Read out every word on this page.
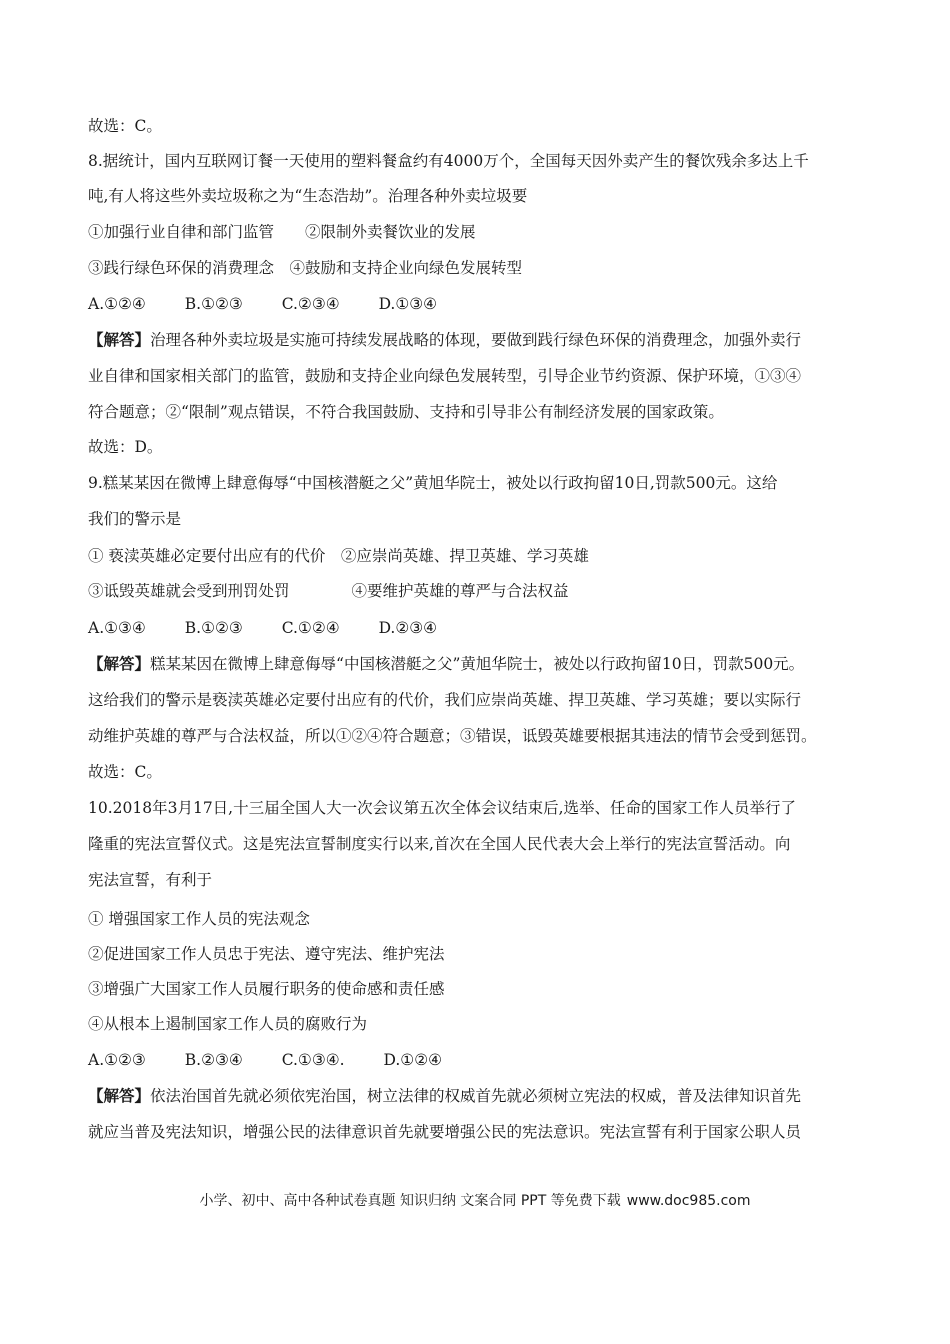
故选：C。
8.据统计，国内互联网订餐一天使用的塑料餐盒约有4000万个，全国每天因外卖产生的餐饮残余多达上千
吨,有人将这些外卖垃圾称之为“生态浩劫”。治理各种外卖垃圾要
①加强行业自律和部门监管　　②限制外卖餐饮业的发展
③践行绿色环保的消费理念　④鼓励和支持企业向绿色发展转型
A.①②④	B.①②③	C.②③④	D.①③④
【解答】治理各种外卖垃圾是实施可持续发展战略的体现，要做到践行绿色环保的消费理念，加强外卖行
业自律和国家相关部门的监管，鼓励和支持企业向绿色发展转型，引导企业节约资源、保护环境，①③④
符合题意；②“限制”观点错误，不符合我国鼓励、支持和引导非公有制经济发展的国家政策。
故选：D。
9.糕某某因在微博上肆意侮辱“中国核潜艇之父”黄旭华院士，被处以行政拘留10日,罚款500元。这给
我们的警示是
① 亵渎英雄必定要付出应有的代价　②应崇尚英雄、捍卫英雄、学习英雄
③诋毁英雄就会受到刑罚处罚　　　　④要维护英雄的尊严与合法权益
A.①③④	B.①②③	C.①②④	D.②③④
【解答】糕某某因在微博上肆意侮辱“中国核潜艇之父”黄旭华院士，被处以行政拘留10日，罚款500元。
这给我们的警示是亵渎英雄必定要付出应有的代价，我们应崇尚英雄、捍卫英雄、学习英雄；要以实际行
动维护英雄的尊严与合法权益，所以①②④符合题意；③错误，诋毁英雄要根据其违法的情节会受到惩罚。
故选：C。
10.2018年3月17日,十三届全国人大一次会议第五次全体会议结束后,选举、任命的国家工作人员举行了
隆重的宪法宣誓仪式。这是宪法宣誓制度实行以来,首次在全国人民代表大会上举行的宪法宣誓活动。向
宪法宣誓，有利于
① 增强国家工作人员的宪法观念
②促进国家工作人员忠于宪法、遵守宪法、维护宪法
③增强广大国家工作人员履行职务的使命感和责任感
④从根本上遏制国家工作人员的腐败行为
A.①②③	B.②③④	C.①③④.	D.①②④
【解答】依法治国首先就必须依宪治国，树立法律的权威首先就必须树立宪法的权威，普及法律知识首先
就应当普及宪法知识，增强公民的法律意识首先就要增强公民的宪法意识。宪法宣誓有利于国家公职人员
小学、初中、高中各种试卷真题 知识归纳 文案合同 PPT 等免费下载 www.doc985.com
